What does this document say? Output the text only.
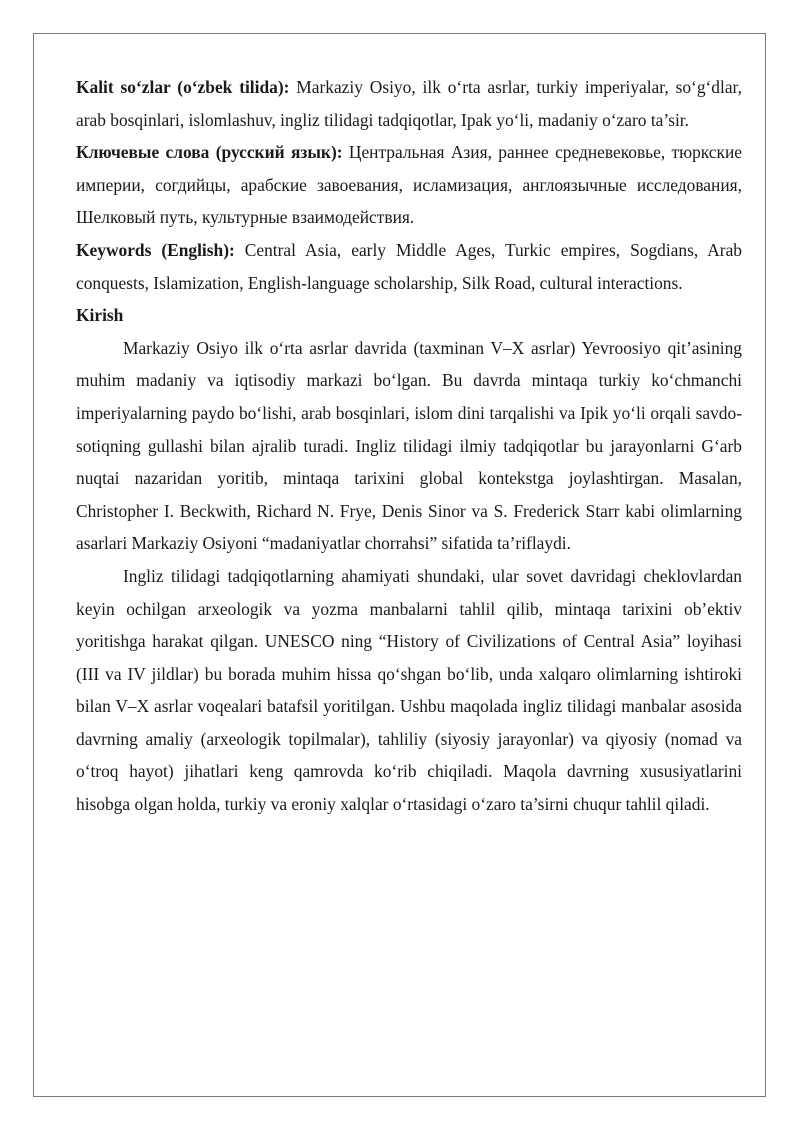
Kalit so‘zlar (o‘zbek tilida): Markaziy Osiyo, ilk o‘rta asrlar, turkiy imperiyalar, so‘g‘dlar, arab bosqinlari, islomlashuv, ingliz tilidagi tadqiqotlar, Ipak yo‘li, madaniy o‘zaro ta’sir.

Ключевые слова (русский язык): Центральная Азия, раннее средневековье, тюркские империи, согдийцы, арабские завоевания, исламизация, англоязычные исследования, Шелковый путь, культурные взаимодействия.

Keywords (English): Central Asia, early Middle Ages, Turkic empires, Sogdians, Arab conquests, Islamization, English-language scholarship, Silk Road, cultural interactions.

Kirish

Markaziy Osiyo ilk o‘rta asrlar davrida (taxminan V–X asrlar) Yevroosiyo qit’asining muhim madaniy va iqtisodiy markazi bo‘lgan. Bu davrda mintaqa turkiy ko‘chmanchi imperiyalarning paydo bo‘lishi, arab bosqinlari, islom dini tarqalishi va Ipik yo‘li orqali savdo-sotiqning gullashi bilan ajralib turadi. Ingliz tilidagi ilmiy tadqiqotlar bu jarayonlarni G‘arb nuqtai nazaridan yoritib, mintaqa tarixini global kontekstga joylashtirgan. Masalan, Christopher I. Beckwith, Richard N. Frye, Denis Sinor va S. Frederick Starr kabi olimlarning asarlari Markaziy Osiyoni “madaniyatlar chorrahsi” sifatida ta’riflaydi.

Ingliz tilidagi tadqiqotlarning ahamiyati shundaki, ular sovet davridagi cheklovlardan keyin ochilgan arxeologik va yozma manbalarni tahlil qilib, mintaqa tarixini ob’ektiv yoritishga harakat qilgan. UNESCO ning “History of Civilizations of Central Asia” loyihasi (III va IV jildlar) bu borada muhim hissa qo‘shgan bo‘lib, unda xalqaro olimlarning ishtiroki bilan V–X asrlar voqealari batafsil yoritilgan. Ushbu maqolada ingliz tilidagi manbalar asosida davrning amaliy (arxeologik topilmalar), tahliliy (siyosiy jarayonlar) va qiyosiy (nomad va o‘troq hayot) jihatlari keng qamrovda ko‘rib chiqiladi. Maqola davrning xususiyatlarini hisobga olgan holda, turkiy va eroniy xalqlar o‘rtasidagi o‘zaro ta’sirni chuqur tahlil qiladi.
